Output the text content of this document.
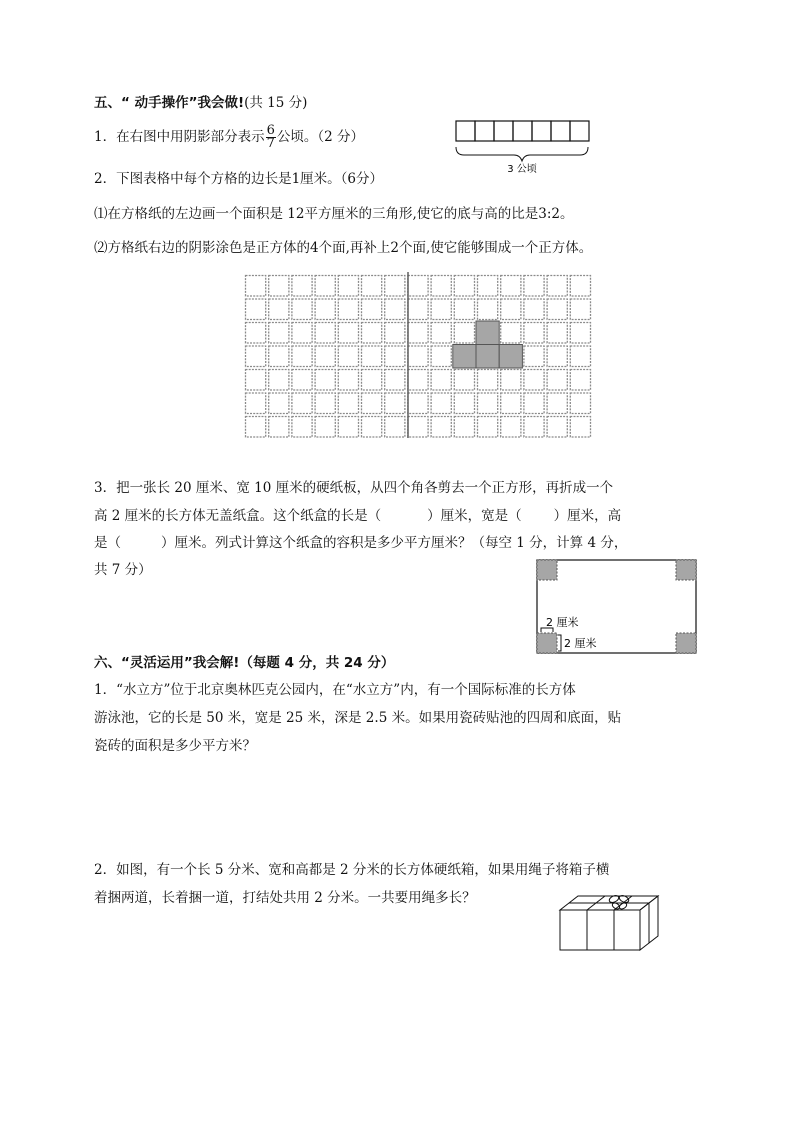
五、“ 动手操作”我会做!(共 15 分)
1．在右图中用阴影部分表示 $\frac{6}{7}$ 公顷。（2 分）
3 公顷
2．下图表格中每个方格的边长是1厘米。（6分）
⑴在方格纸的左边画一个面积是 12平方厘米的三角形,使它的底与高的比是3:2。
⑵方格纸右边的阴影涂色是正方体的4个面,再补上2个面,使它能够围成一个正方体。
3．把一张长 20 厘米、宽 10 厘米的硬纸板，从四个角各剪去一个正方形，再折成一个
高 2 厘米的长方体无盖纸盒。这个纸盒的长是（	）厘米，宽是（ ）厘米，高
是（	）厘米。列式计算这个纸盒的容积是多少平方厘米？（每空 1 分，计算 4 分，
共 7 分）
2 厘米
2 厘米
六、“灵活运用”我会解!（每题 4 分，共 24 分）
1．“水立方”位于北京奥林匹克公园内，在“水立方”内，有一个国际标准的长方体
游泳池，它的长是 50 米，宽是 25 米，深是 2.5 米。如果用瓷砖贴池的四周和底面，贴
瓷砖的面积是多少平方米？
2．如图，有一个长 5 分米、宽和高都是 2 分米的长方体硬纸箱，如果用绳子将箱子横
着捆两道，长着捆一道，打结处共用 2 分米。一共要用绳多长？
